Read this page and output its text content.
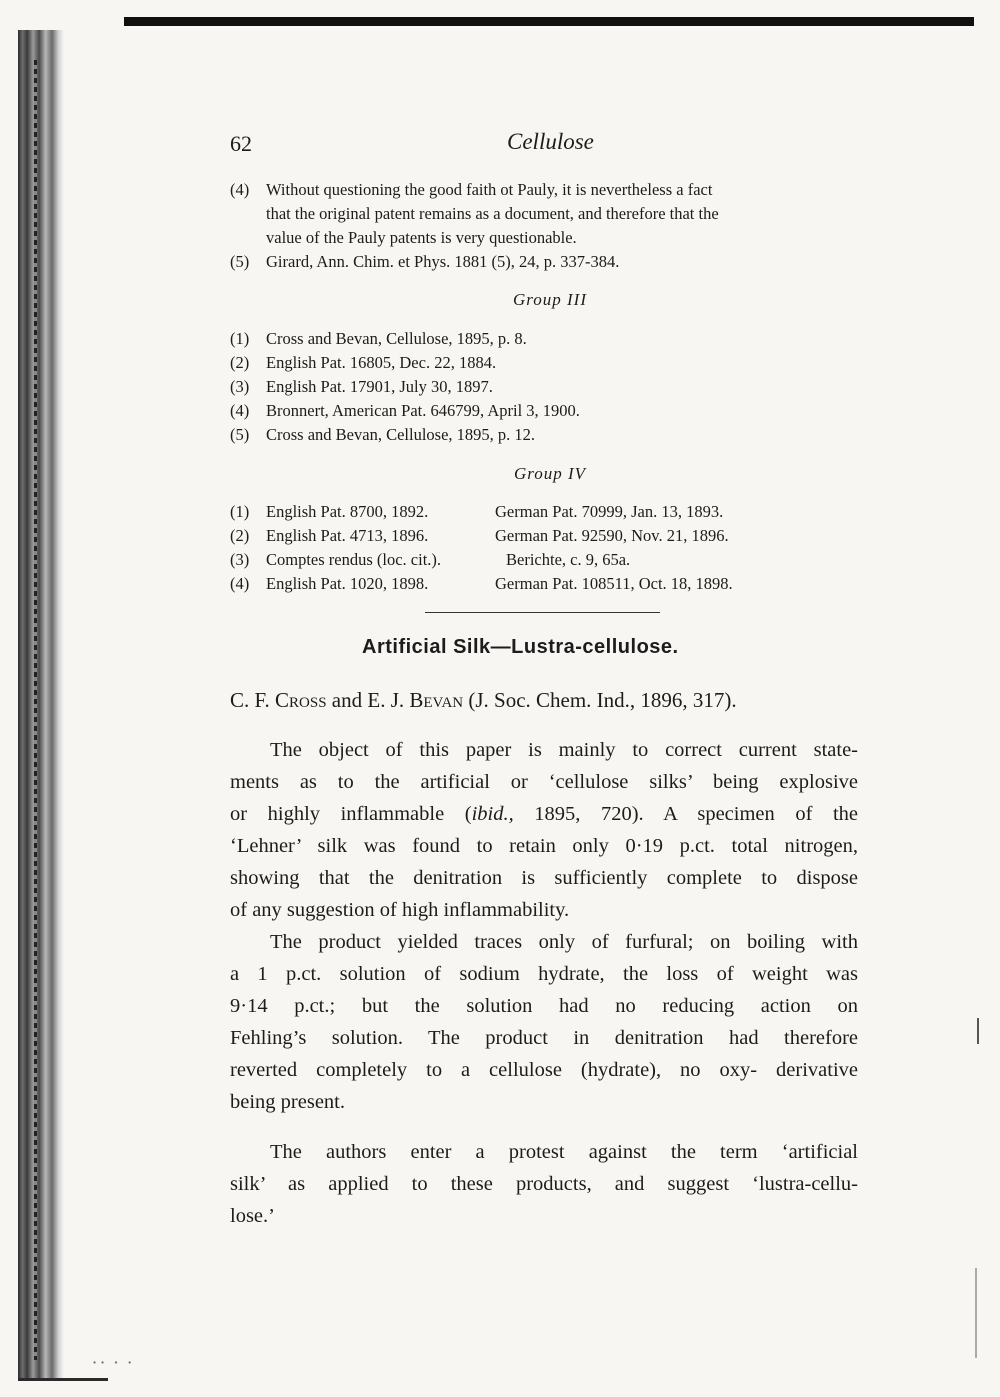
∙∙ ∙ ∙
62	Cellulose
(4) Without questioning the good faith ot Pauly, it is nevertheless a fact
that the original patent remains as a document, and therefore that the
value of the Pauly patents is very questionable.
(5) Girard, Ann. Chim. et Phys. 1881 (5), 24, p. 337-384.
Group III
(1) Cross and Bevan, Cellulose, 1895, p. 8.
(2) English Pat. 16805, Dec. 22, 1884.
(3) English Pat. 17901, July 30, 1897.
(4) Bronnert, American Pat. 646799, April 3, 1900.
(5) Cross and Bevan, Cellulose, 1895, p. 12.
Group IV
(1) English Pat. 8700, 1892.	German Pat. 70999, Jan. 13, 1893.
(2) English Pat. 4713, 1896.	German Pat. 92590, Nov. 21, 1896.
(3) Comptes rendus (loc. cit.).	Berichte, c. 9, 65a.
(4) English Pat. 1020, 1898.	German Pat. 108511, Oct. 18, 1898.
Artificial Silk—Lustra-cellulose.
C. F. Cross and E. J. Bevan (J. Soc. Chem. Ind., 1896, 317).
The object of this paper is mainly to correct current state-
ments as to the artificial or ‘cellulose silks’ being explosive
or highly inflammable (ibid., 1895, 720). A specimen of the
‘Lehner’ silk was found to retain only 0·19 p.ct. total nitrogen,
showing that the denitration is sufficiently complete to dispose
of any suggestion of high inflammability.
The product yielded traces only of furfural; on boiling with
a 1 p.ct. solution of sodium hydrate, the loss of weight was
9·14 p.ct.; but the solution had no reducing action on
Fehling’s solution. The product in denitration had therefore
reverted completely to a cellulose (hydrate), no oxy- derivative
being present.
The authors enter a protest against the term ‘artificial
silk’ as applied to these products, and suggest ‘lustra-cellu-
lose.’
